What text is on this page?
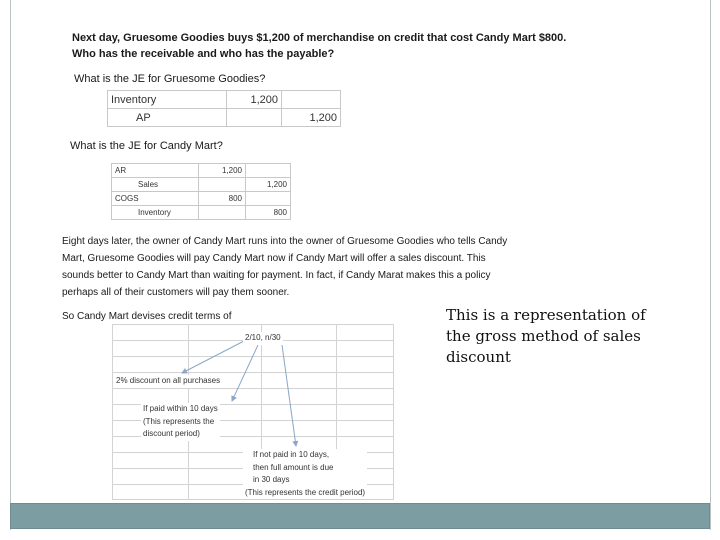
Next day, Gruesome Goodies buys $1,200 of merchandise on credit that cost Candy Mart $800. Who has the receivable and who has the payable?
What is the JE for Gruesome Goodies?
Inventory	1,200	
AP		1,200
What is the JE for Candy Mart?
AR	1,200	
Sales		1,200
COGS	800	
Inventory		800
Eight days later, the owner of Candy Mart runs into the owner of Gruesome Goodies who tells Candy
Mart, Gruesome Goodies will pay Candy Mart now if Candy Mart will offer a sales discount. This
sounds better to Candy Mart than waiting for payment. In fact, if Candy Marat makes this a policy
perhaps all of their customers will pay them sooner.
So Candy Mart devises credit terms of
2/10, n/30
2% discount on all purchases
If paid within 10 days
(This represents the
discount period)
If not paid in 10 days,
then full amount is due
in 30 days
(This represents the credit period)
This is a representation of the gross method of sales discount
